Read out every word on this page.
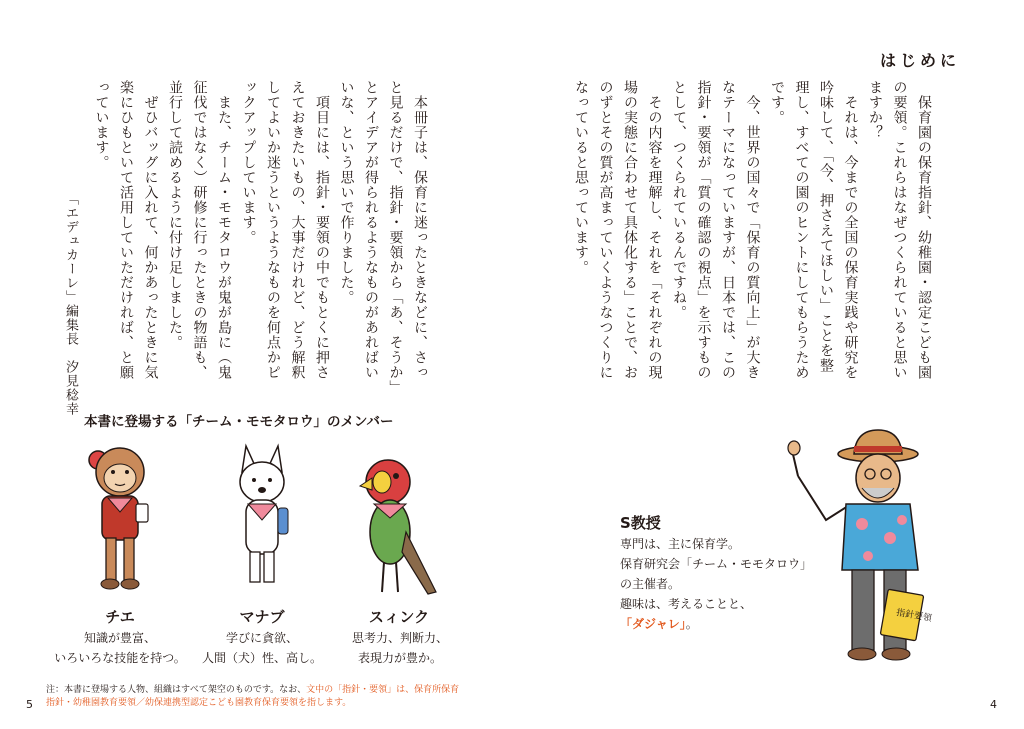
はじめに
　保育園の保育指針、幼稚園・認定こども園
の要領。これらはなぜつくられていると思い
ますか？
　それは、今までの全国の保育実践や研究を
吟味して、「今、押さえてほしい」ことを整
理し、すべての園のヒントにしてもらうため
です。
　今、世界の国々で「保育の質向上」が大き
なテーマになっていますが、日本では、この
指針・要領が「質の確認の視点」を示すもの
として、つくられているんですね。
　その内容を理解し、それを「それぞれの現
場の実態に合わせて具体化する」ことで、お
のずとその質が高まっていくようなつくりに
なっていると思っています。
　本冊子は、保育に迷ったときなどに、さっ
と見るだけで、指針・要領から「あ、そうか」
とアイデアが得られるようなものがあればい
いな、という思いで作りました。
　項目には、指針・要領の中でもとくに押さ
えておきたいもの、大事だけれど、どう解釈
してよいか迷うというようなものを何点かピ
ックアップしています。
　また、チーム・モモタロウが鬼が島に（鬼
征伐ではなく）研修に行ったときの物語も、
並行して読めるように付け足しました。
　ぜひバッグに入れて、何かあったときに気
楽にひもといて活用していただければ、と願
っています。
「エデュカーレ」編集長　汐見稔幸
本書に登場する「チーム・モモタロウ」のメンバー
チエ	マナブ	スィンク
知識が豊富、
いろいろな技能を持つ。
学びに貪欲、
人間（犬）性、高し。
思考力、判断力、
表現力が豊か。
指針要領
S教授
専門は、主に保育学。
保育研究会「チーム・モモタロウ」
の主催者。
趣味は、考えることと、
「ダジャレ」。
注：本書に登場する人物、組織はすべて架空のものです。なお、文中の「指針・要領」は、保育所保育
指針・幼稚園教育要領／幼保連携型認定こども園教育保育要領を指します。
5	4
